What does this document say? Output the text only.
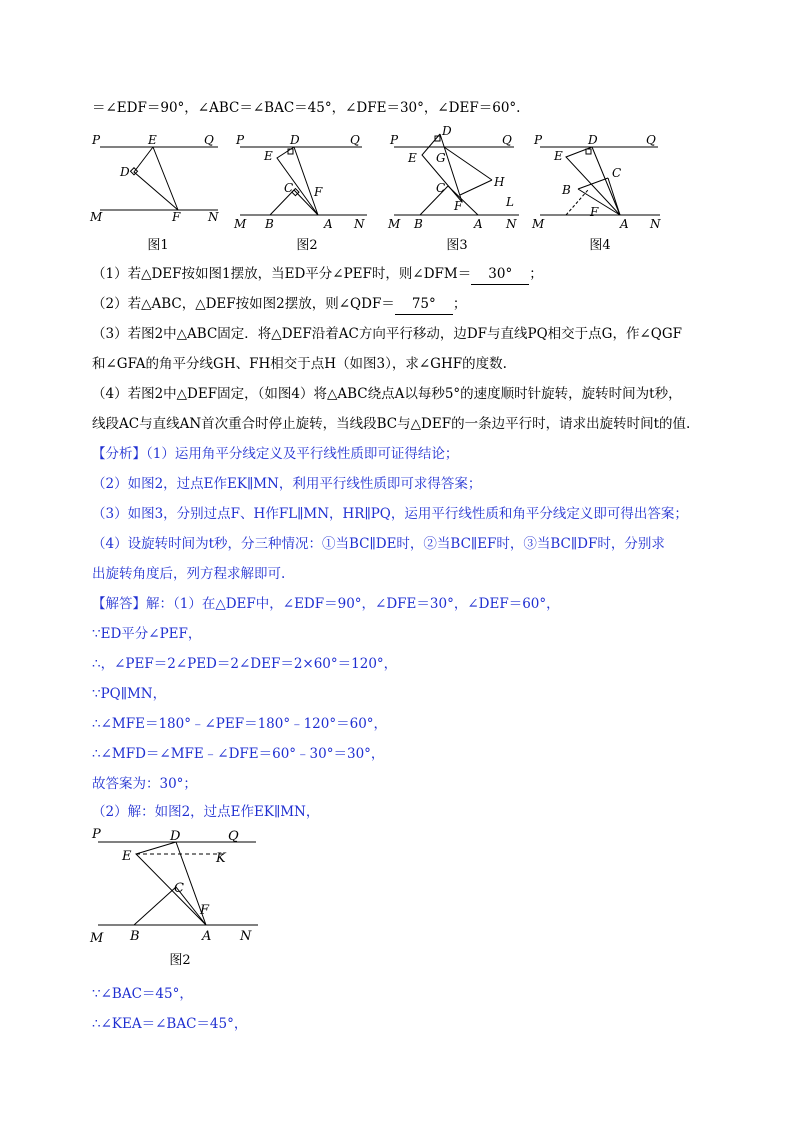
＝∠EDF＝90°，∠ABC＝∠BAC＝45°，∠DFE＝30°，∠DEF＝60°.
P	E	Q
D
M	F N
图1
P	D	Q
E
C F
M B	A N
图2
P
D
Q
E G
H
C
F	L
M B	A N
图3
P	D	Q
E
C
B
F
M	A N
图4
（1）若△DEF按如图1摆放，当ED平分∠PEF时，则∠DFM＝ 30° ；
（2）若△ABC，△DEF按如图2摆放，则∠QDF＝ 75° ；
（3）若图2中△ABC固定．将△DEF沿着AC方向平行移动，边DF与直线PQ相交于点G，作∠QGF
和∠GFA的角平分线GH、FH相交于点H（如图3），求∠GHF的度数.
（4）若图2中△DEF固定，（如图4）将△ABC绕点A以每秒5°的速度顺时针旋转，旋转时间为t秒，
线段AC与直线AN首次重合时停止旋转，当线段BC与△DEF的一条边平行时，请求出旋转时间t的值.
【分析】（1）运用角平分线定义及平行线性质即可证得结论；
（2）如图2，过点E作EK∥MN，利用平行线性质即可求得答案；
（3）如图3，分别过点F、H作FL∥MN，HR∥PQ，运用平行线性质和角平分线定义即可得出答案；
（4）设旋转时间为t秒，分三种情况：①当BC∥DE时，②当BC∥EF时，③当BC∥DF时，分别求
出旋转角度后，列方程求解即可.
【解答】解：（1）在△DEF中，∠EDF＝90°，∠DFE＝30°，∠DEF＝60°，
∵ED平分∠PEF，
∴，∠PEF＝2∠PED＝2∠DEF＝2×60°＝120°，
∵PQ∥MN，
∴∠MFE＝180°﹣∠PEF＝180°﹣120°＝60°，
∴∠MFD＝∠MFE﹣∠DFE＝60°﹣30°＝30°，
故答案为：30°；
（2）解：如图2，过点E作EK∥MN，
P	D	Q
E	K
C
F
M B	A N
图2
∵∠BAC＝45°，
∴∠KEA＝∠BAC＝45°，
